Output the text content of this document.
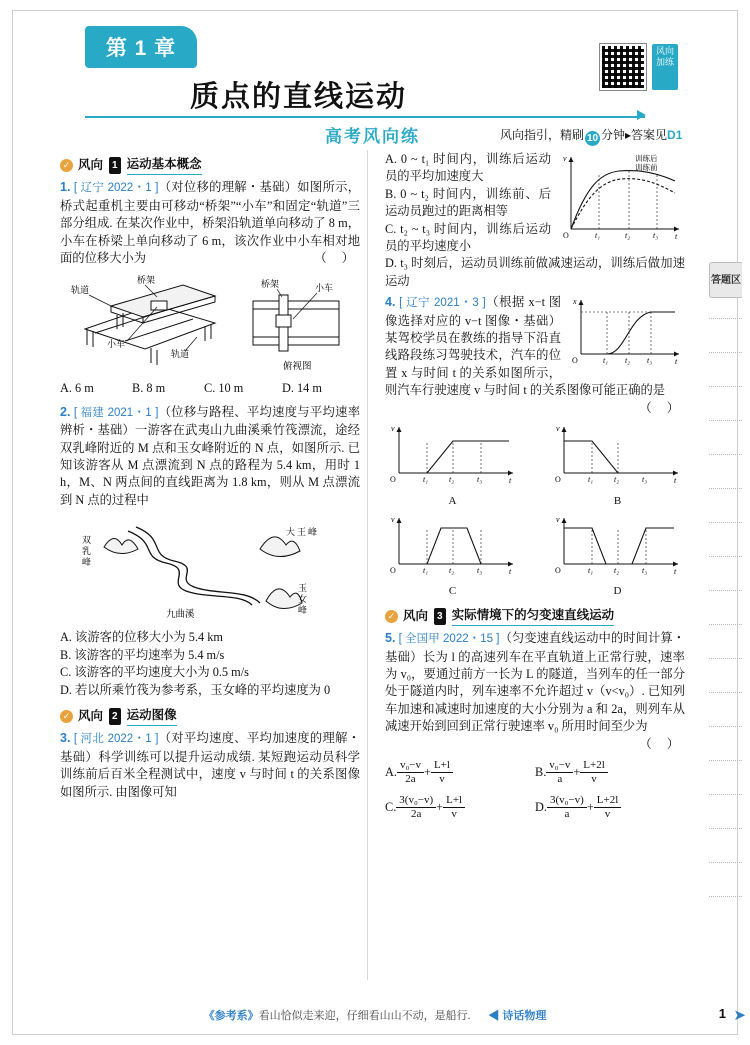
第 1 章
质点的直线运动
高考风向练
风向加练
风向指引，精刷 10 分钟▸答案见D1
答题区
✓ 风向 1 运动基本概念
1. [ 辽宁 2022・1 ]（对位移的理解・基础）如图所示，桥式起重机主要由可移动“桥架”“小车”和固定“轨道”三部分组成. 在某次作业中，桥架沿轨道单向移动了 8 m，小车在桥梁上单向移动了 6 m，该次作业中小车相对地面的位移大小为	（ ）
轨道
桥架
小车
轨道
桥架	小车
俯视图
A. 6 m	B. 8 m	C. 10 m	D. 14 m
2. [ 福建 2021・1 ]（位移与路程、平均速度与平均速率辨析・基础）一游客在武夷山九曲溪乘竹筏漂流，途经双乳峰附近的 M 点和玉女峰附近的 N 点，如图所示. 已知该游客从 M 点漂流到 N 点的路程为 5.4 km，用时 1 h，M、N 两点间的直线距离为 1.8 km，则从 M 点漂流到 N 点的过程中
双
乳
峰
大 王 峰
玉
女
峰
九曲溪
A. 该游客的位移大小为 5.4 km
B. 该游客的平均速率为 5.4 m/s
C. 该游客的平均速度大小为 0.5 m/s
D. 若以所乘竹筏为参考系，玉女峰的平均速度为 0
✓ 风向 2 运动图像
3. [ 河北 2022・1 ]（对平均速度、平均加速度的理解・基础）科学训练可以提升运动成绩. 某短跑运动员科学训练前后百米全程测试中，速度 v 与时间 t 的关系图像如图所示. 由图像可知
v
t
O	t₁	t₂	t₃
训练后
训练前
A. 0 ~ t₁ 时间内，训练后运动员的平均加速度大
B. 0 ~ t₂ 时间内，训练前、后运动员跑过的距离相等
C. t₂ ~ t₃ 时间内，训练后运动员的平均速度小
D. t₃ 时刻后，运动员训练前做减速运动，训练后做加速运动
x
t
O	t₁ t₂ t₃
4. [ 辽宁 2021・3 ]（根据 x−t 图像选择对应的 v−t 图像・基础）某驾校学员在教练的指导下沿直线路段练习驾驶技术，汽车的位置 x 与时间 t 的关系如图所示，则汽车行驶速度 v 与时间 t 的关系图像可能正确的是
（ ）
v
t
O	t₁	t₂	t₃
A
v
t
O	t₁	t₂	t₃
B
v
t
O	t₁	t₂	t₃
C
v
t
O	t₁	t₂	t₃
D
✓ 风向 3 实际情境下的匀变速直线运动
5. [ 全国甲 2022・15 ]（匀变速直线运动中的时间计算・基础）长为 l 的高速列车在平直轨道上正常行驶，速率为 v₀，要通过前方一长为 L 的隧道，当列车的任一部分处于隧道内时，列车速率不允许超过 v（v<v₀）. 已知列车加速和减速时加速度的大小分别为 a 和 2a，则列车从减速开始到回到正常行驶速率 v₀ 所用时间至少为
（ ）
A. $\frac{\text{v₀−v}}{2a} + \frac{L+l}{v}$	B. $\frac{\text{v₀−v}}{a} + \frac{L+2l}{v}$
C. $\frac{\text{3(v₀−v)}}{2a} + \frac{L+l}{v}$	D. $\frac{\text{3(v₀−v)}}{a} + \frac{L+2l}{v}$
《参考系》看山恰似走来迎，仔细看山山不动，是船行. ◀ 诗话物理	1 ➤
